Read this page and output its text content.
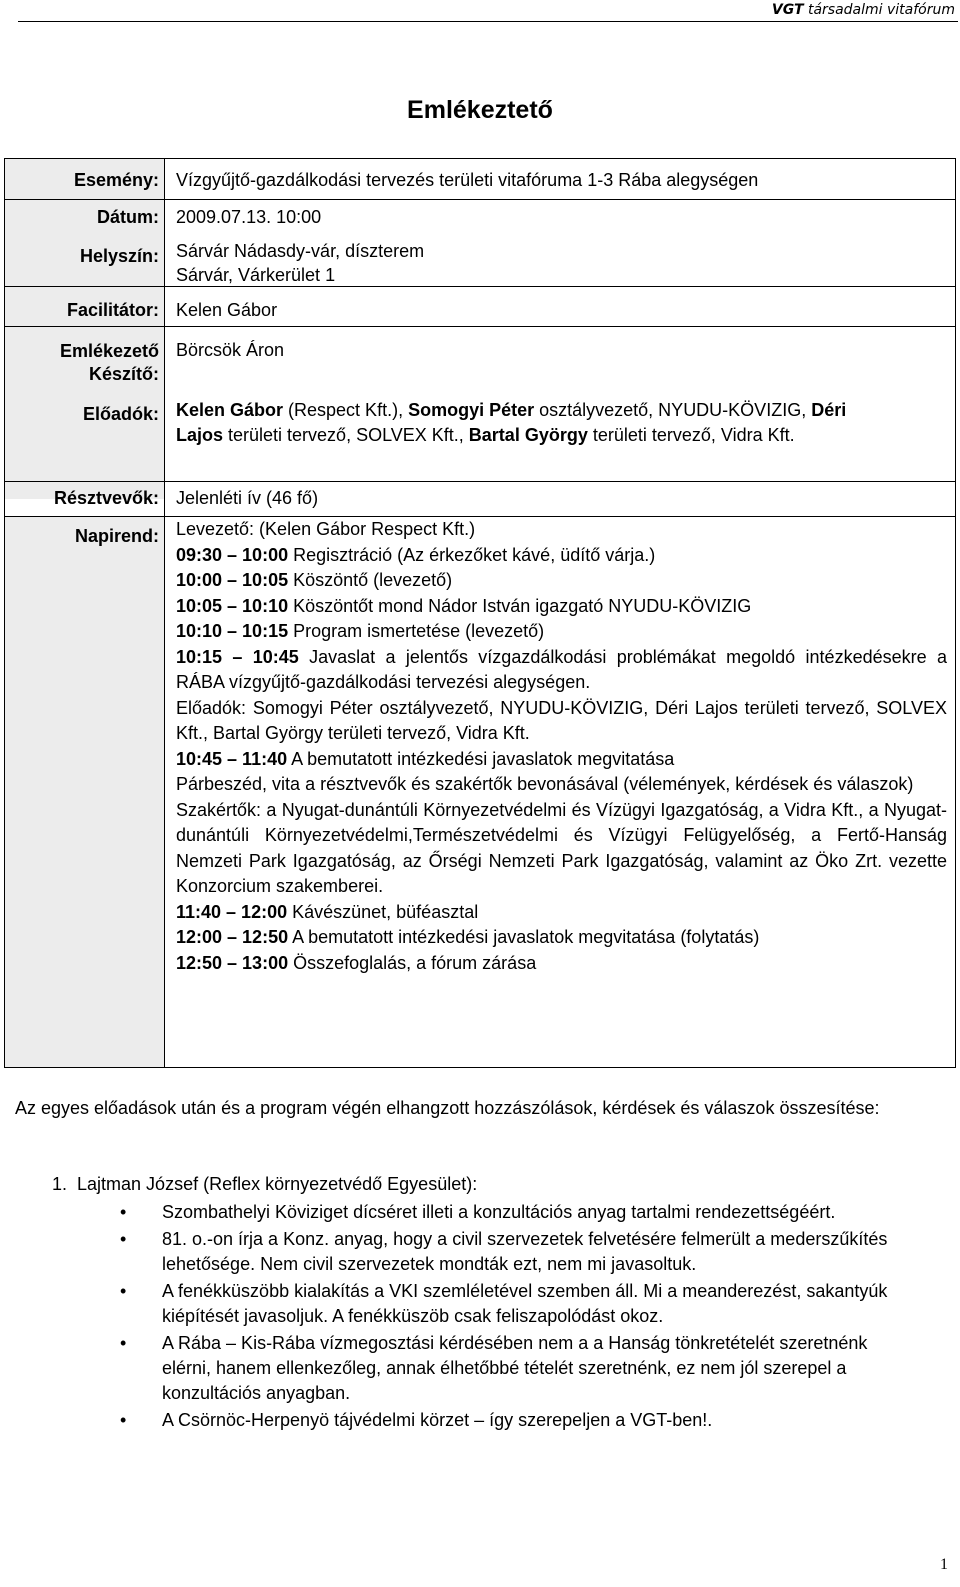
VGT társadalmi vitafórum
Emlékeztető
Esemény: Vízgyűjtő-gazdálkodási tervezés területi vitafóruma 1-3 Rába alegységen
Dátum: 2009.07.13. 10:00
Helyszín: Sárvár Nádasdy-vár, díszterem
Sárvár, Várkerület 1
Facilitátor: Kelen Gábor
Emlékezető
Készítő:
Börcsök Áron
Előadók: Kelen Gábor (Respect Kft.), Somogyi Péter osztályvezető, NYUDU-KÖVIZIG, Déri Lajos területi tervező, SOLVEX Kft., Bartal György területi tervező, Vidra Kft.
Résztvevők: Jelenléti ív (46 fő)
Napirend: Levezető: (Kelen Gábor Respect Kft.)

09:30 – 10:00 Regisztráció (Az érkezőket kávé, üdítő várja.)

10:00 – 10:05 Köszöntő (levezető)

10:05 – 10:10 Köszöntőt mond Nádor István igazgató NYUDU-KÖVIZIG

10:10 – 10:15 Program ismertetése (levezető)

10:15 – 10:45 Javaslat a jelentős vízgazdálkodási problémákat megoldó intézkedésekre a RÁBA vízgyűjtő-gazdálkodási tervezési alegységen.

Előadók: Somogyi Péter osztályvezető, NYUDU-KÖVIZIG, Déri Lajos területi tervező, SOLVEX Kft., Bartal György területi tervező, Vidra Kft.

10:45 – 11:40 A bemutatott intézkedési javaslatok megvitatása

Párbeszéd, vita a résztvevők és szakértők bevonásával (vélemények, kérdések és válaszok)

Szakértők: a Nyugat-dunántúli Környezetvédelmi és Vízügyi Igazgatóság, a Vidra Kft., a Nyugat-dunántúli Környezetvédelmi,Természetvédelmi és Vízügyi Felügyelőség, a Fertő-Hanság Nemzeti Park Igazgatóság, az Őrségi Nemzeti Park Igazgatóság, valamint az Öko Zrt. vezette Konzorcium szakemberei.

11:40 – 12:00 Kávészünet, büféasztal

12:00 – 12:50 A bemutatott intézkedési javaslatok megvitatása (folytatás)

12:50 – 13:00 Összefoglalás, a fórum zárása

Az egyes előadások után és a program végén elhangzott hozzászólások, kérdések és válaszok összesítése:
1.  Lajtman József (Reflex környezetvédő Egyesület):
• Szombathelyi Köviziget dícséret illeti a konzultációs anyag tartalmi rendezettségéért.
• 81. o.-on írja a Konz. anyag, hogy a civil szervezetek felvetésére felmerült a mederszűkítés lehetősége. Nem civil szervezetek mondták ezt, nem mi javasoltuk.
• A fenékküszöbb kialakítás a VKI szemléletével szemben áll. Mi a meanderezést, sakantyúk kiépítését javasoljuk. A fenékküszöb csak feliszapolódást okoz.
• A Rába – Kis-Rába vízmegosztási kérdésében nem a a Hanság tönkretételét szeretnénk elérni, hanem ellenkezőleg, annak élhetőbbé tételét szeretnénk, ez nem jól szerepel a konzultációs anyagban.
• A Csörnöc-Herpenyö tájvédelmi körzet – így szerepeljen a VGT-ben!.
1
